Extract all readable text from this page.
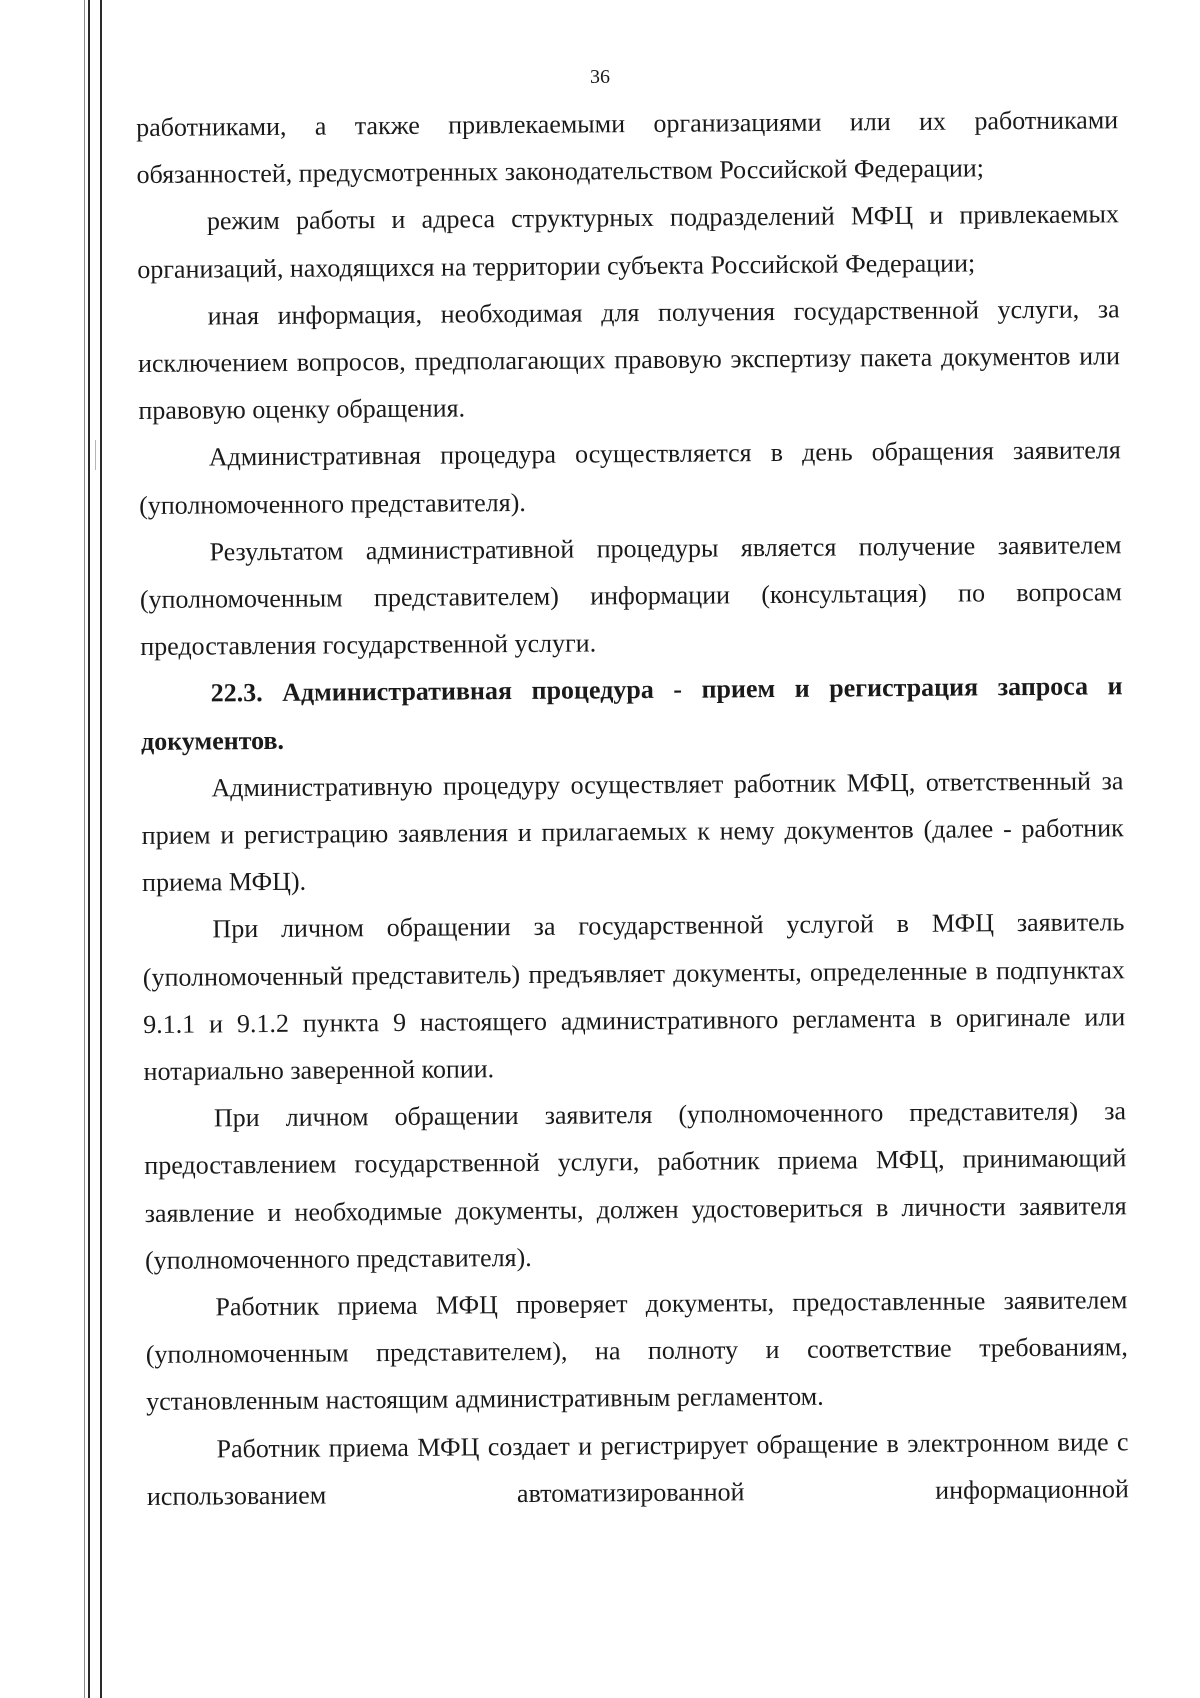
36

работниками, а также привлекаемыми организациями или их работниками обязанностей, предусмотренных законодательством Российской Федерации;

режим работы и адреса структурных подразделений МФЦ и привлекаемых организаций, находящихся на территории субъекта Российской Федерации;

иная информация, необходимая для получения государственной услуги, за исключением вопросов, предполагающих правовую экспертизу пакета документов или правовую оценку обращения.

Административная процедура осуществляется в день обращения заявителя (уполномоченного представителя).

Результатом административной процедуры является получение заявителем (уполномоченным представителем) информации (консультация) по вопросам предоставления государственной услуги.

22.3. Административная процедура - прием и регистрация запроса и документов.

Административную процедуру осуществляет работник МФЦ, ответственный за прием и регистрацию заявления и прилагаемых к нему документов (далее - работник приема МФЦ).

При личном обращении за государственной услугой в МФЦ заявитель (уполномоченный представитель) предъявляет документы, определенные в подпунктах 9.1.1 и 9.1.2 пункта 9 настоящего административного регламента в оригинале или нотариально заверенной копии.

При личном обращении заявителя (уполномоченного представителя) за предоставлением государственной услуги, работник приема МФЦ, принимающий заявление и необходимые документы, должен удостовериться в личности заявителя (уполномоченного представителя).

Работник приема МФЦ проверяет документы, предоставленные заявителем (уполномоченным представителем), на полноту и соответствие требованиям, установленным настоящим административным регламентом.

Работник приема МФЦ создает и регистрирует обращение в электронном виде с использованием автоматизированной информационной
